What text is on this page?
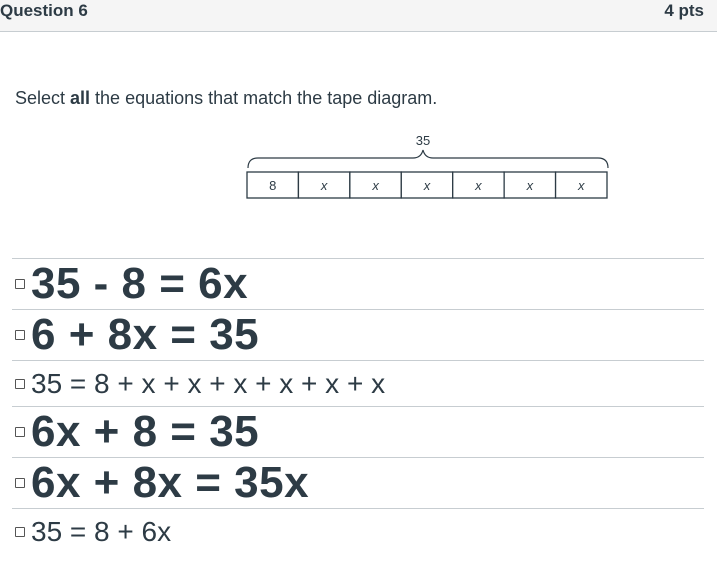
Question 6	4 pts
Select all the equations that match the tape diagram.
35
8	x	x	x	x	x	x
35 - 8 = 6x
6 + 8x = 35
35 = 8 + x + x + x + x + x + x
6x + 8 = 35
6x + 8x = 35x
35 = 8 + 6x
